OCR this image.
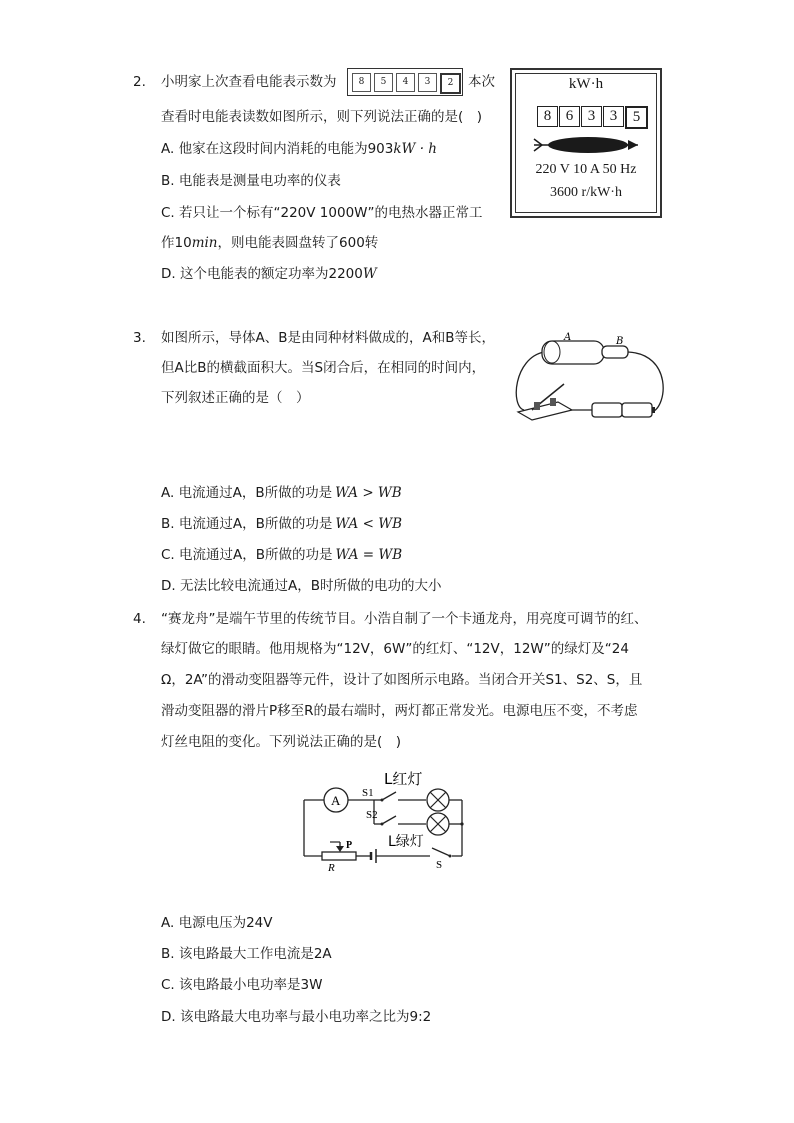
2. 小明家上次查看电能表示数为	8	5	4	3	2	本次
查看时电能表读数如图所示，则下列说法正确的是(　)
A. 他家在这段时间内消耗的电能为903kW · h
B. 电能表是测量电功率的仪表
C. 若只让一个标有“220V 1000W”的电热水器正常工
作10min，则电能表圆盘转了600转
D. 这个电能表的额定功率为2200W
kW·h
8 6 3 3	5
220 V 10 A 50 Hz
3600 r/kW·h
3. 如图所示，导体A、B是由同种材料做成的，A和B等长，
但A比B的横截面积大。当S闭合后，在相同的时间内，
下列叙述正确的是（　）
A	B
A. 电流通过A，B所做的功是 WA > WB
B. 电流通过A，B所做的功是 WA < WB
C. 电流通过A，B所做的功是 WA = WB
D. 无法比较电流通过A，B时所做的电功的大小
4. “赛龙舟”是端午节里的传统节目。小浩自制了一个卡通龙舟，用亮度可调节的红、
绿灯做它的眼睛。他用规格为“12V，6W”的红灯、“12V，12W”的绿灯及“24
Ω，2A”的滑动变阻器等元件，设计了如图所示电路。当闭合开关S1、S2、S，且
滑动变阻器的滑片P移至R的最右端时，两灯都正常发光。电源电压不变，不考虑
灯丝电阻的变化。下列说法正确的是(　)
A S1
L红灯
S2
L绿灯
S
P
R
A. 电源电压为24V
B. 该电路最大工作电流是2A
C. 该电路最小电功率是3W
D. 该电路最大电功率与最小电功率之比为9:2
